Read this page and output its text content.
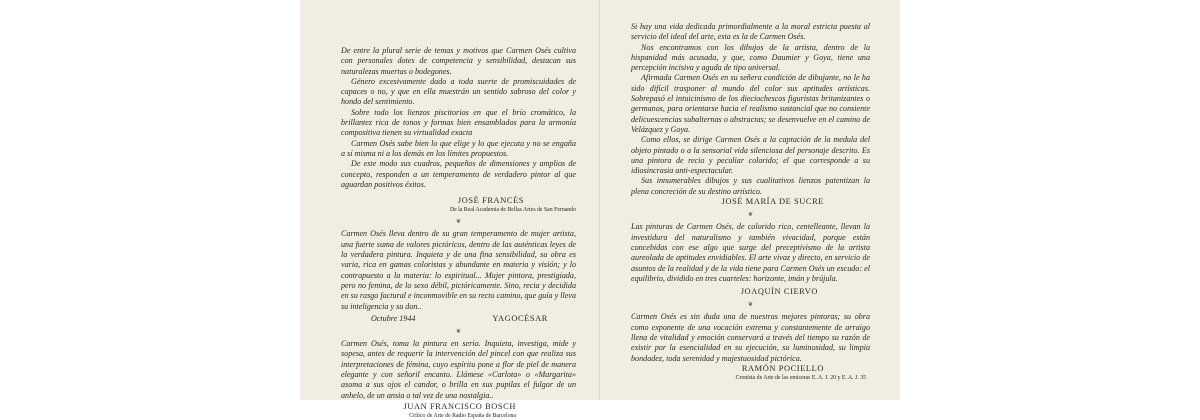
De entre la plural serie de temas y motivos que Carmen Osés cultiva con personales dotes de competencia y sensibilidad, destacan sus naturalezas muertas o bodegones.

Género excesivamente dado a toda suerte de promiscuidades de capaces o no, y que en ella muestrán un sentido sabroso del color y hondo del sentimiento.

Sobre todo los lienzos piscitorios en que el brío cromático, la brillantez rica de tonos y formas bien ensamblados para la armonía compositiva tienen su virtualidad exacta

Carmen Osés sabe bien lo que elige y lo que ejecuta y no se engaña a sí misma ni a los demás en los límites propuestos.

De este modo sus cuadros, pequeños de dimensiones y amplios de concepto, responden a un temperamento de verdadero pintor al que aguardan positivos éxitos.

JOSÉ FRANCÉS
De la Real Academia de Bellas Artes de San Fernando
❦

Carmen Osés lleva dentro de su gran temperamento de mujer artista, una fuerte suma de valores pictóricos, dentro de las auténticas leyes de la verdadera pintura. Inquieta y de una fina sensibilidad, su obra es varia, rica en gamas coloristas y abundante en materia y visión; y lo contrapuesto a la materia: lo espiritual... Mujer pintora, prestigiada, pero no femina, de lo sexo débil, pictóricamente. Sino, recia y decidida en su rasgo factural e inconmovible en su recto camino, que guía y lleva su inteligencia y su don..

Octubre 1944	YAGOCÉSAR
❦

Carmen Osés, toma la pintura en serio. Inquieta, investiga, mide y sopesa, antes de requerir la intervención del pincel con que realiza sus interpretaciones de fémina, cuyo espíritu pone a flor de piel de manera elegante y con señoril encanto. Llámese «Carlota» o «Margarita» asoma a sus ojos el candor, o brilla en sus pupilas el fulgor de un anhelo, de un ansia o tal vez de una nostalgia..

JUAN FRANCISCO BOSCH
Crítico de Arte de Radio España de Barcelona

Si hay una vida dedicada primordialmente a la moral estricta puesta al servicio del ideal del arte, esta es la de Carmen Osés.

Nos encontramos con los dibujos de la artista, dentro de la hispanidad más acusada, y que, como Daumier y Goya, tiene una percepción incisiva y aguda de tipo universal.

Afirmada Carmen Osés en su señera condición de dibujante, no le ha sido difícil trasponer al mundo del color sus aptitudes artísticas. Sobrepasó el intuicinismo de los dieciochescos figuristas britanizantes o germanos, para orientarse hacia el realismo sustancial que no consiente delicuescencias subalternas o abstractas; se desenvuelve en el camino de Velázquez y Goya.

Como ellos, se dirige Carmen Osés a la captación de la medula del objeto pintado o a la sensorial vida silenciosa del personaje descrito. Es una pintora de recio y peculiar colorido; el que corresponde a su idiosincrasia anti-espectacular.

Sus innumerables dibujos y sus cualitativos lienzos patentizan la plena concreción de su destino artístico.

JOSÉ MARÍA DE SUCRE
❦

Las pinturas de Carmen Osés, de colorido rico, centelleante, llevan la investidura del naturalismo y también vivacidad, porque están concebidas con ese algo que surge del preceptivismo de la artista aureolada de aptitudes envidiables. El arte vivaz y directo, en servicio de asuntos de la realidad y de la vida tiene para Carmen Osés un escudo: el equilibrio, dividido en tres cuarteles: horizonte, imán y brújula.

JOAQUÍN CIERVO
❦

Carmen Osés es sin duda una de nuestras mejores pintoras; su obra como exponente de una vocación extrema y constantemente de arraigo llena de vitalidad y emoción conservará a través del tiempo su razón de existir por la esencialidad en su ejecución, su luminosidad, su limpia bondadez, toda serenidad y majestuosidad pictórica.

RAMÓN POCIELLO
Cronista de Arte de las emisoras E. A. J. 20 y E. A. J. 35
